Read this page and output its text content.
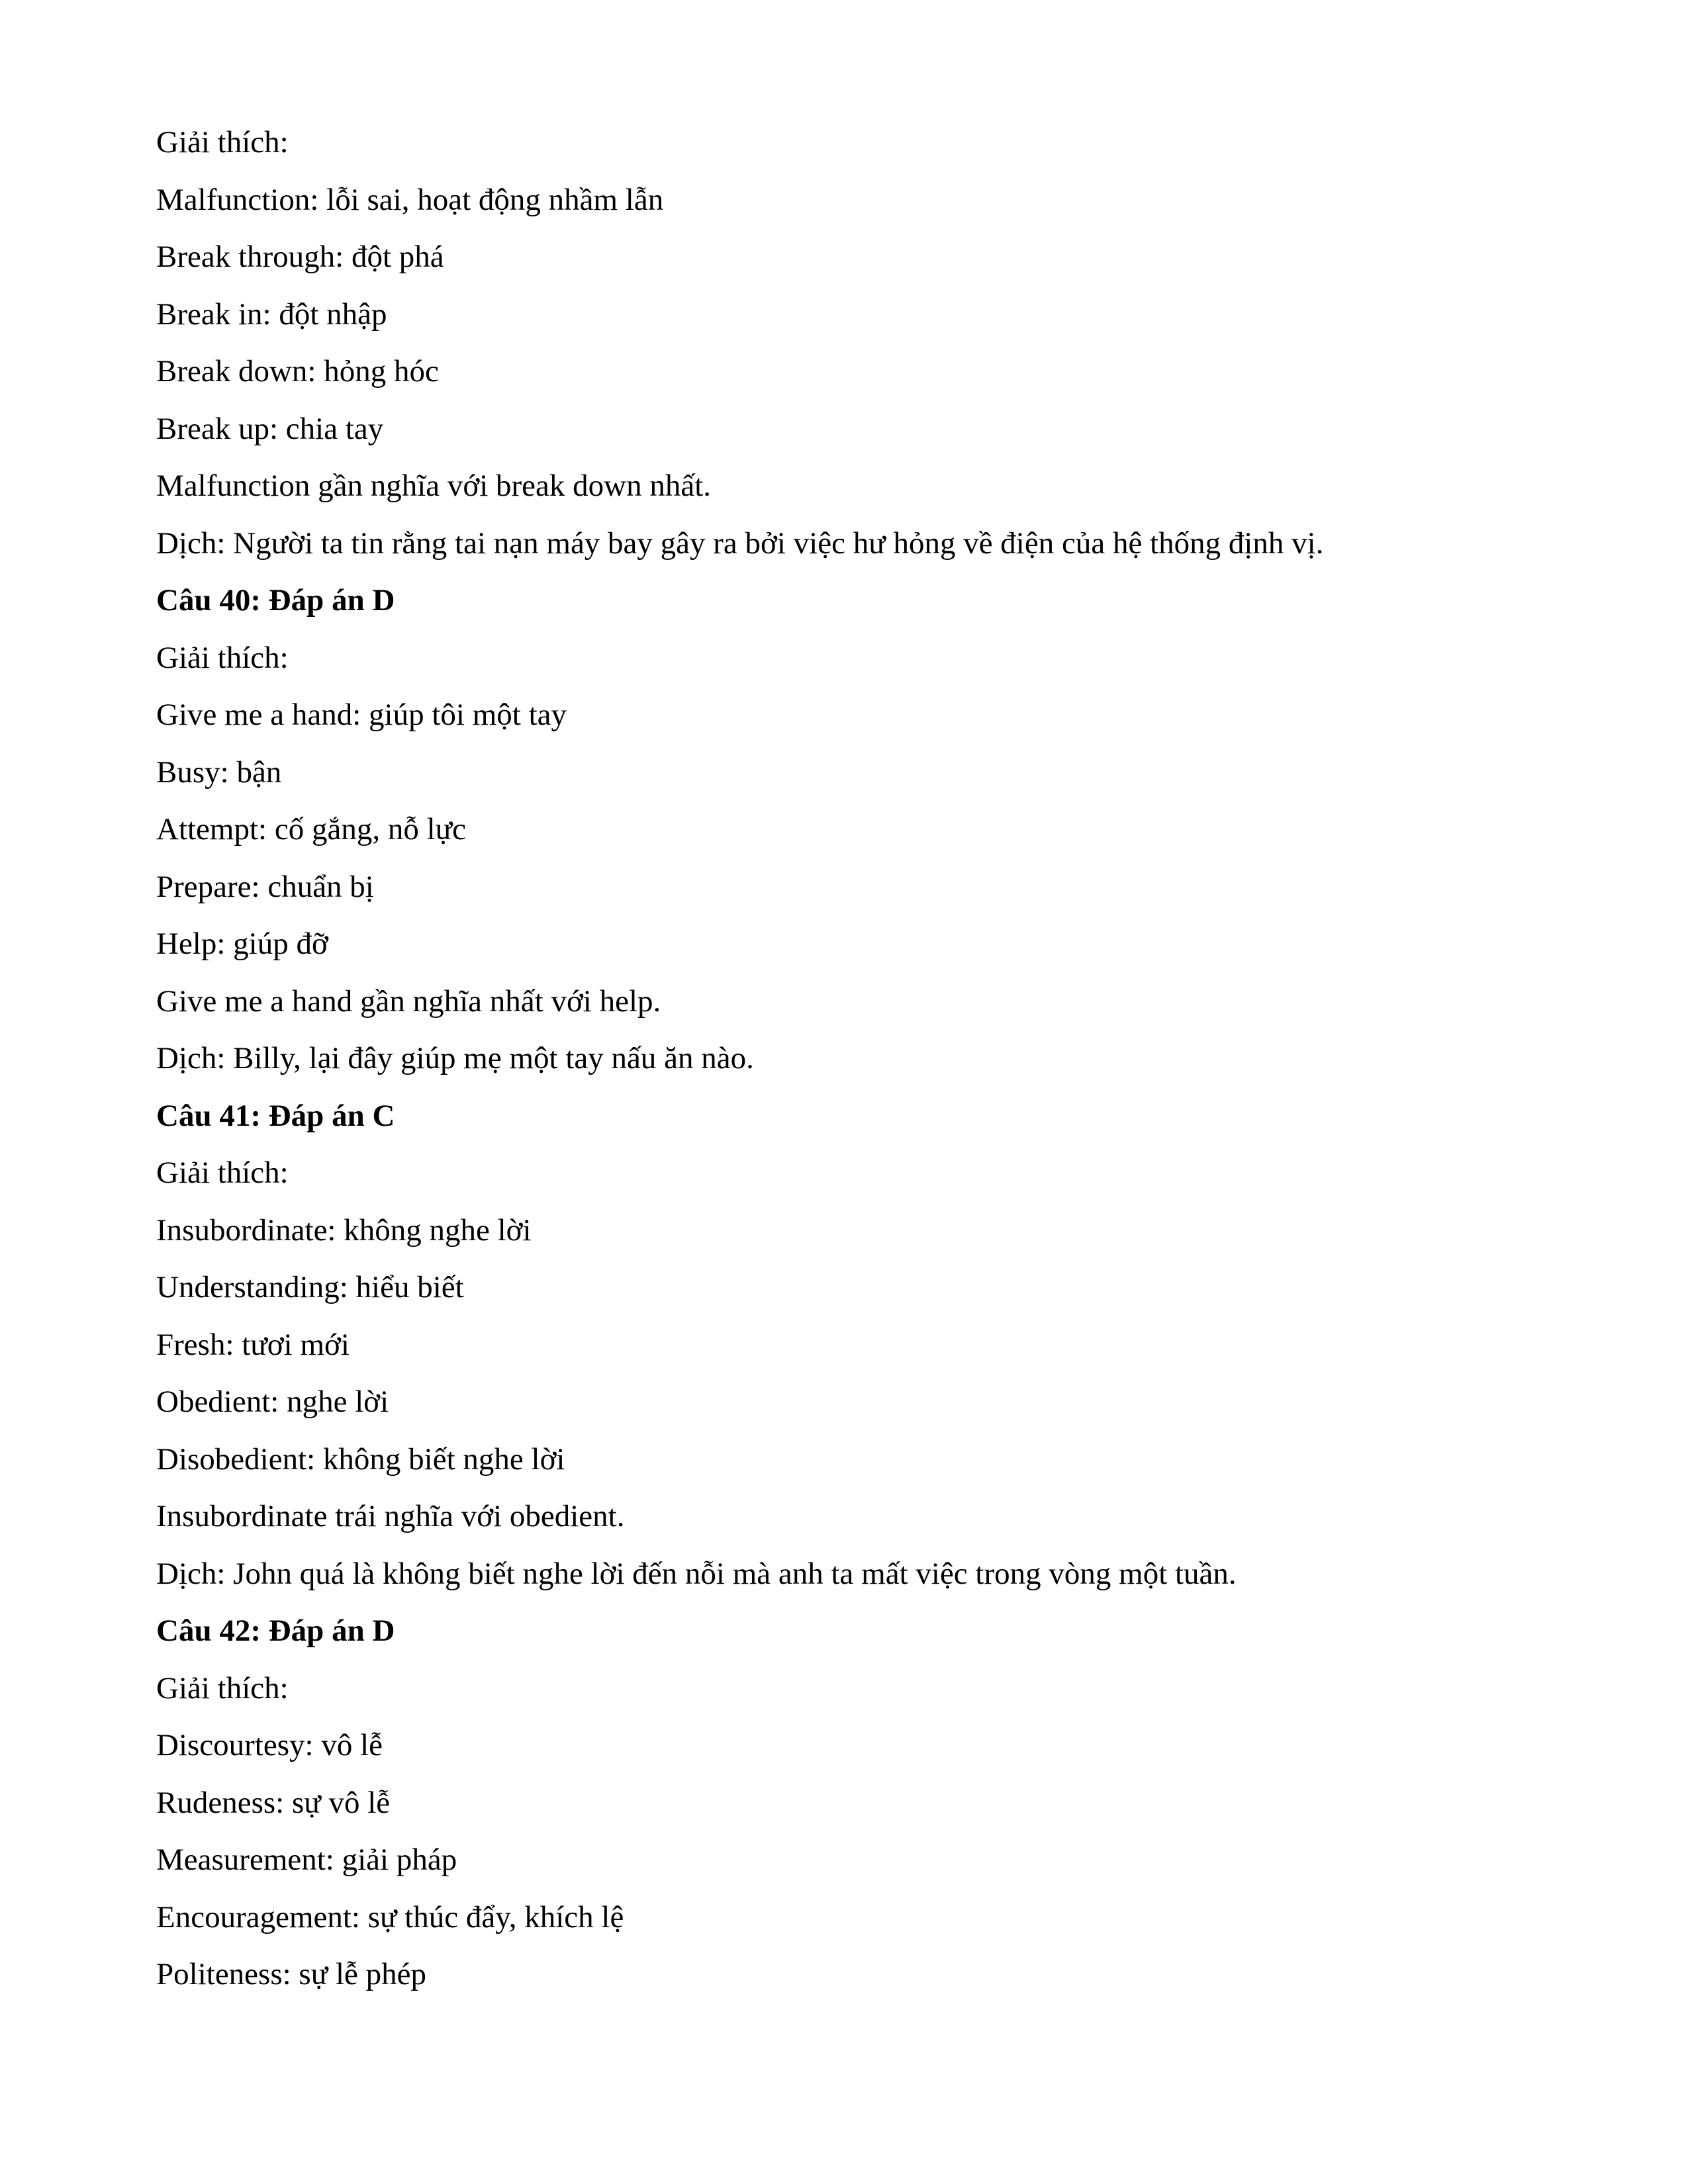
Giải thích:
Malfunction: lỗi sai, hoạt động nhầm lẫn
Break through: đột phá
Break in: đột nhập
Break down: hỏng hóc
Break up: chia tay
Malfunction gần nghĩa với break down nhất.
Dịch: Người ta tin rằng tai nạn máy bay gây ra bởi việc hư hỏng về điện của hệ thống định vị.
Câu 40: Đáp án D
Giải thích:
Give me a hand: giúp tôi một tay
Busy: bận
Attempt: cố gắng, nỗ lực
Prepare: chuẩn bị
Help: giúp đỡ
Give me a hand gần nghĩa nhất với help.
Dịch: Billy, lại đây giúp mẹ một tay nấu ăn nào.
Câu 41: Đáp án C
Giải thích:
Insubordinate: không nghe lời
Understanding: hiểu biết
Fresh: tươi mới
Obedient: nghe lời
Disobedient: không biết nghe lời
Insubordinate trái nghĩa với obedient.
Dịch: John quá là không biết nghe lời đến nỗi mà anh ta mất việc trong vòng một tuần.
Câu 42: Đáp án D
Giải thích:
Discourtesy: vô lễ
Rudeness: sự vô lễ
Measurement: giải pháp
Encouragement: sự thúc đẩy, khích lệ
Politeness: sự lễ phép
